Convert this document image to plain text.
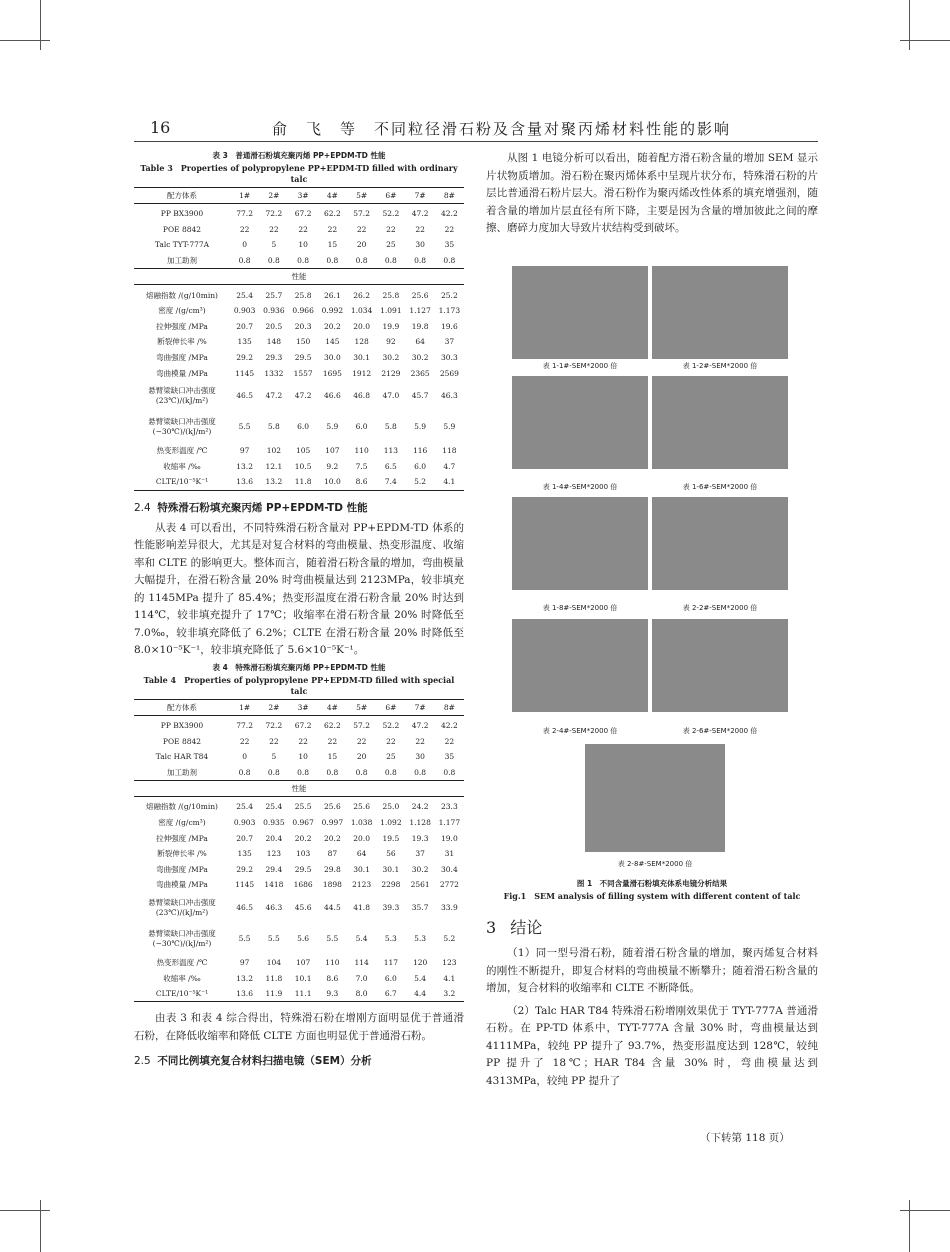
16	俞　飞　等　不同粒径滑石粉及含量对聚丙烯材料性能的影响
表 3　普通滑石粉填充聚丙烯 PP+EPDM-TD 性能
Table 3　Properties of polypropylene PP+EPDM-TD filled with ordinary talc
配方体系	1#	2#	3#	4#	5#	6#	7#	8#
PP BX3900	77.2	72.2	67.2	62.2	57.2	52.2	47.2	42.2
POE 8842	22	22	22	22	22	22	22	22
Talc TYT-777A	0	5	10	15	20	25	30	35
加工助剂	0.8	0.8	0.8	0.8	0.8	0.8	0.8	0.8
性能								
熔融指数 /(g/10min)	25.4	25.7	25.8	26.1	26.2	25.8	25.6	25.2
密度 /(g/cm³)	0.903	0.936	0.966	0.992	1.034	1.091	1.127	1.173
拉伸强度 /MPa	20.7	20.5	20.3	20.2	20.0	19.9	19.8	19.6
断裂伸长率 /%	135	148	150	145	128	92	64	37
弯曲强度 /MPa	29.2	29.3	29.5	30.0	30.1	30.2	30.2	30.3
弯曲模量 /MPa	1145	1332	1557	1695	1912	2129	2365	2569

悬臂梁缺口冲击强度
(23℃)/(kJ/m²)	46.5	47.2	47.2	46.6	46.8	47.0	45.7	46.3

悬臂梁缺口冲击强度
(−30℃)/(kJ/m²)	5.5	5.8	6.0	5.9	6.0	5.8	5.9	5.9
热变形温度 /℃	97	102	105	107	110	113	116	118
收缩率 /‰	13.2	12.1	10.5	9.2	7.5	6.5	6.0	4.7
CLTE/10⁻⁵K⁻¹	13.6	13.2	11.8	10.0	8.6	7.4	5.2	4.1
2.4 特殊滑石粉填充聚丙烯 PP+EPDM-TD 性能

从表 4 可以看出，不同特殊滑石粉含量对 PP+EPDM-TD 体系的性能影响差异很大，尤其是对复合材料的弯曲模量、热变形温度、收缩率和 CLTE 的影响更大。整体而言，随着滑石粉含量的增加，弯曲模量大幅提升，在滑石粉含量 20% 时弯曲模量达到 2123MPa，较非填充的 1145MPa 提升了 85.4%；热变形温度在滑石粉含量 20% 时达到 114℃，较非填充提升了 17℃；收缩率在滑石粉含量 20% 时降低至 7.0‰，较非填充降低了 6.2%；CLTE 在滑石粉含量 20% 时降低至 8.0×10⁻⁵K⁻¹，较非填充降低了 5.6×10⁻⁵K⁻¹。

表 4　特殊滑石粉填充聚丙烯 PP+EPDM-TD 性能
Table 4　Properties of polypropylene PP+EPDM-TD filled with special talc
配方体系	1#	2#	3#	4#	5#	6#	7#	8#
PP BX3900	77.2	72.2	67.2	62.2	57.2	52.2	47.2	42.2
POE 8842	22	22	22	22	22	22	22	22
Talc HAR T84	0	5	10	15	20	25	30	35
加工助剂	0.8	0.8	0.8	0.8	0.8	0.8	0.8	0.8
性能								
熔融指数 /(g/10min)	25.4	25.4	25.5	25.6	25.6	25.0	24.2	23.3
密度 /(g/cm³)	0.903	0.935	0.967	0.997	1.038	1.092	1.128	1.177
拉伸强度 /MPa	20.7	20.4	20.2	20.2	20.0	19.5	19.3	19.0
断裂伸长率 /%	135	123	103	87	64	56	37	31
弯曲强度 /MPa	29.2	29.4	29.5	29.8	30.1	30.1	30.2	30.4
弯曲模量 /MPa	1145	1418	1686	1898	2123	2298	2561	2772

悬臂梁缺口冲击强度
(23℃)/(kJ/m²)	46.5	46.3	45.6	44.5	41.8	39.3	35.7	33.9

悬臂梁缺口冲击强度
(−30℃)/(kJ/m²)	5.5	5.5	5.6	5.5	5.4	5.3	5.3	5.2
热变形温度 /℃	97	104	107	110	114	117	120	123
收缩率 /‰	13.2	11.8	10.1	8.6	7.0	6.0	5.4	4.1
CLTE/10⁻⁵K⁻¹	13.6	11.9	11.1	9.3	8.0	6.7	4.4	3.2

由表 3 和表 4 综合得出，特殊滑石粉在增刚方面明显优于普通滑石粉，在降低收缩率和降低 CLTE 方面也明显优于普通滑石粉。

2.5 不同比例填充复合材料扫描电镜（SEM）分析

从图 1 电镜分析可以看出，随着配方滑石粉含量的增加 SEM 显示片状物质增加。滑石粉在聚丙烯体系中呈现片状分布，特殊滑石粉的片层比普通滑石粉片层大。滑石粉作为聚丙烯改性体系的填充增强剂，随着含量的增加片层直径有所下降，主要是因为含量的增加彼此之间的摩擦、磨碎力度加大导致片状结构受到破坏。

表 1-1#-SEM*2000 倍	表 1-2#-SEM*2000 倍
表 1-4#-SEM*2000 倍	表 1-6#-SEM*2000 倍
表 1-8#-SEM*2000 倍	表 2-2#-SEM*2000 倍
表 2-4#-SEM*2000 倍	表 2-6#-SEM*2000 倍
表 2-8#-SEM*2000 倍
图 1　不同含量滑石粉填充体系电镜分析结果
Fig.1　SEM analysis of filling system with different content of talc
3 结论

（1）同一型号滑石粉，随着滑石粉含量的增加，聚丙烯复合材料的刚性不断提升，即复合材料的弯曲模量不断攀升；随着滑石粉含量的增加，复合材料的收缩率和 CLTE 不断降低。

（2）Talc HAR T84 特殊滑石粉增刚效果优于 TYT-777A 普通滑石粉。在 PP-TD 体系中，TYT-777A 含量 30% 时，弯曲模量达到 4111MPa，较纯 PP 提升了 93.7%，热变形温度达到 128℃，较纯 PP 提升了 18℃；HAR T84 含量 30% 时，弯曲模量达到 4313MPa，较纯 PP 提升了

（下转第 118 页）
